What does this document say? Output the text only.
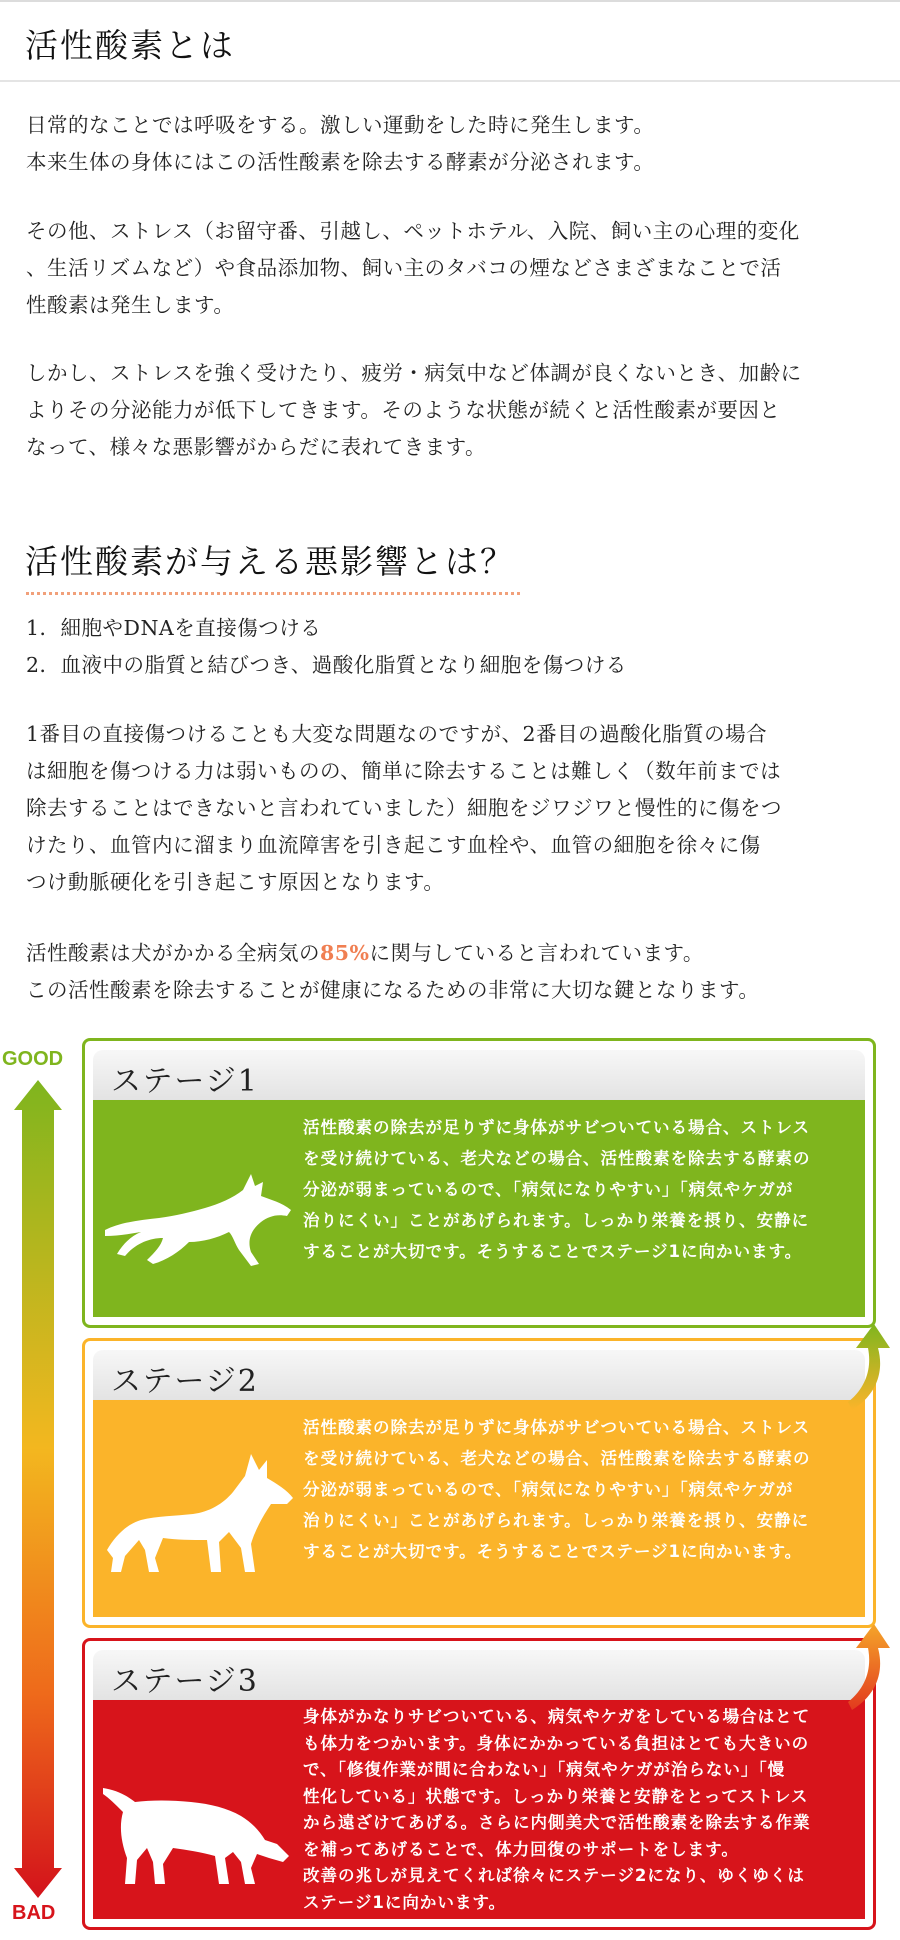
活性酸素とは

日常的なことでは呼吸をする。激しい運動をした時に発生します。
本来生体の身体にはこの活性酸素を除去する酵素が分泌されます。

その他、ストレス（お留守番、引越し、ペットホテル、入院、飼い主の心理的変化
、生活リズムなど）や食品添加物、飼い主のタバコの煙などさまざまなことで活
性酸素は発生します。

しかし、ストレスを強く受けたり、疲労・病気中など体調が良くないとき、加齢に
よりその分泌能力が低下してきます。そのような状態が続くと活性酸素が要因と
なって、様々な悪影響がからだに表れてきます。

活性酸素が与える悪影響とは？

1．細胞やDNAを直接傷つける
2．血液中の脂質と結びつき、過酸化脂質となり細胞を傷つける

1番目の直接傷つけることも大変な問題なのですが、2番目の過酸化脂質の場合
は細胞を傷つける力は弱いものの、簡単に除去することは難しく（数年前までは
除去することはできないと言われていました）細胞をジワジワと慢性的に傷をつ
けたり、血管内に溜まり血流障害を引き起こす血栓や、血管の細胞を徐々に傷
つけ動脈硬化を引き起こす原因となります。

活性酸素は犬がかかる全病気の85%に関与していると言われています。
この活性酸素を除去することが健康になるための非常に大切な鍵となります。

GOOD
BAD
ステージ1
活性酸素の除去が足りずに身体がサビついている場合、ストレス
を受け続けている、老犬などの場合、活性酸素を除去する酵素の
分泌が弱まっているので、「病気になりやすい」「病気やケガが
治りにくい」ことがあげられます。しっかり栄養を摂り、安静に
することが大切です。そうすることでステージ1に向かいます。
ステージ2
活性酸素の除去が足りずに身体がサビついている場合、ストレス
を受け続けている、老犬などの場合、活性酸素を除去する酵素の
分泌が弱まっているので、「病気になりやすい」「病気やケガが
治りにくい」ことがあげられます。しっかり栄養を摂り、安静に
することが大切です。そうすることでステージ1に向かいます。
ステージ3
身体がかなりサビついている、病気やケガをしている場合はとて
も体力をつかいます。身体にかかっている負担はとても大きいの
で、「修復作業が間に合わない」「病気やケガが治らない」「慢
性化している」状態です。しっかり栄養と安静をとってストレス
から遠ざけてあげる。さらに内側美犬で活性酸素を除去する作業
を補ってあげることで、体力回復のサポートをします。
改善の兆しが見えてくれば徐々にステージ2になり、ゆくゆくは
ステージ1に向かいます。
